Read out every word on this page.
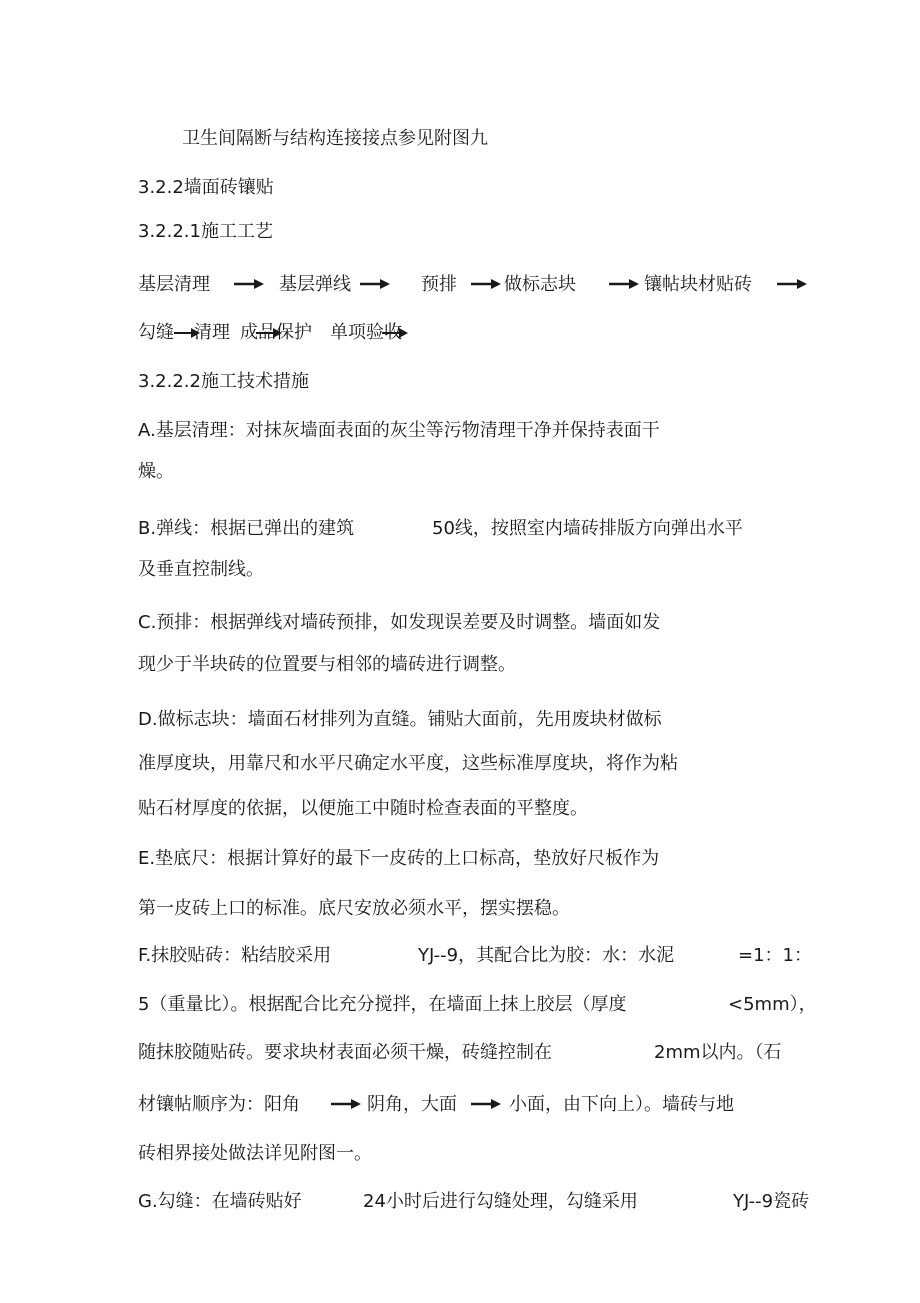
卫生间隔断与结构连接接点参见附图九
3.2.2墙面砖镶贴
3.2.2.1施工工艺
基层清理	基层弹线	预排	做标志块	镶帖块材贴砖
勾缝 清理 成品保护 单项验收
3.2.2.2施工技术措施
A.基层清理：对抹灰墙面表面的灰尘等污物清理干净并保持表面干
燥。
B.弹线：根据已弹出的建筑	50线，按照室内墙砖排版方向弹出水平
及垂直控制线。
C.预排：根据弹线对墙砖预排，如发现误差要及时调整。墙面如发
现少于半块砖的位置要与相邻的墙砖进行调整。
D.做标志块：墙面石材排列为直缝。铺贴大面前，先用废块材做标
准厚度块，用靠尺和水平尺确定水平度，这些标准厚度块，将作为粘
贴石材厚度的依据，以便施工中随时检查表面的平整度。
E.垫底尺：根据计算好的最下一皮砖的上口标高，垫放好尺板作为
第一皮砖上口的标准。底尺安放必须水平，摆实摆稳。
F.抹胶贴砖：粘结胶采用	YJ--9，其配合比为胶：水：水泥	=1：1：
5（重量比）。根据配合比充分搅拌，在墙面上抹上胶层（厚度	<5mm），
随抹胶随贴砖。要求块材表面必须干燥，砖缝控制在	2mm以内。（石
材镶帖顺序为：阳角	阴角，大面	小面，由下向上）。墙砖与地
砖相界接处做法详见附图一。
G.勾缝：在墙砖贴好	24小时后进行勾缝处理，勾缝采用	YJ--9瓷砖
